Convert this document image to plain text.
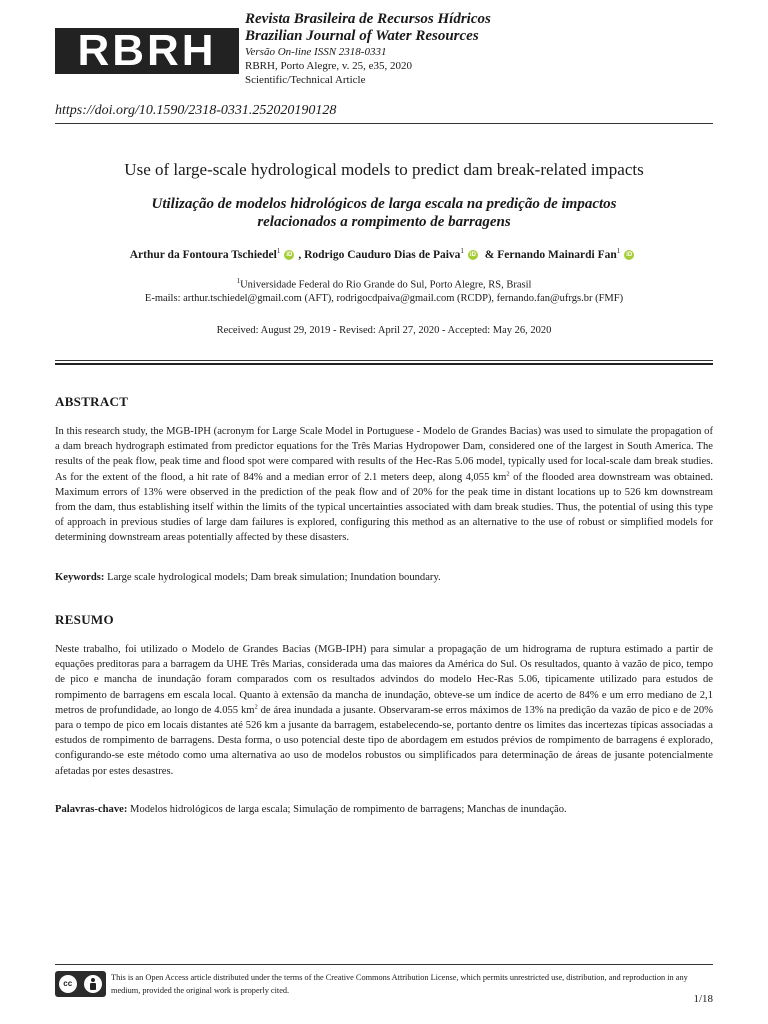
RBRH
Revista Brasileira de Recursos Hídricos
Brazilian Journal of Water Resources
Versão On-line ISSN 2318-0331
RBRH, Porto Alegre, v. 25, e35, 2020
Scientific/Technical Article
https://doi.org/10.1590/2318-0331.252020190128
Use of large-scale hydrological models to predict dam break-related impacts
Utilização de modelos hidrológicos de larga escala na predição de impactos
relacionados a rompimento de barragens
Arthur da Fontoura Tschiedel$^1$iD , Rodrigo Cauduro Dias de Paiva$^1$iD & Fernando Mainardi Fan$^1$iD
$^1$Universidade Federal do Rio Grande do Sul, Porto Alegre, RS, Brasil
E-mails: arthur.tschiedel@gmail.com (AFT), rodrigocdpaiva@gmail.com (RCDP), fernando.fan@ufrgs.br (FMF)
Received: August 29, 2019 - Revised: April 27, 2020 - Accepted: May 26, 2020
ABSTRACT
In this research study, the MGB-IPH (acronym for Large Scale Model in Portuguese - Modelo de Grandes Bacias) was used to simulate the propagation of a dam breach hydrograph estimated from predictor equations for the Três Marias Hydropower Dam, considered one of the largest in South America. The results of the peak flow, peak time and flood spot were compared with results of the Hec-Ras 5.06 model, typically used for local-scale dam break studies. As for the extent of the flood, a hit rate of 84% and a median error of 2.1 meters deep, along 4,055 $km^2$ of the flooded area downstream was obtained. Maximum errors of 13% were observed in the prediction of the peak flow and of 20% for the peak time in distant locations up to 526 km downstream from the dam, thus establishing itself within the limits of the typical uncertainties associated with dam break studies. Thus, the potential of using this type of approach in previous studies of large dam failures is explored, configuring this method as an alternative to the use of robust or simplified models for determining downstream areas potentially affected by these disasters.
Keywords: Large scale hydrological models; Dam break simulation; Inundation boundary.
RESUMO
Neste trabalho, foi utilizado o Modelo de Grandes Bacias (MGB-IPH) para simular a propagação de um hidrograma de ruptura estimado a partir de equações preditoras para a barragem da UHE Três Marias, considerada uma das maiores da América do Sul. Os resultados, quanto à vazão de pico, tempo de pico e mancha de inundação foram comparados com os resultados advindos do modelo Hec-Ras 5.06, tipicamente utilizado para estudos de rompimento de barragens em escala local. Quanto à extensão da mancha de inundação, obteve-se um índice de acerto de 84% e um erro mediano de 2,1 metros de profundidade, ao longo de 4.055 $km^2$ de área inundada a jusante. Observaram-se erros máximos de 13% na predição da vazão de pico e de 20% para o tempo de pico em locais distantes até 526 km a jusante da barragem, estabelecendo-se, portanto dentre os limites das incertezas típicas associadas a estudos de rompimento de barragens. Desta forma, o uso potencial deste tipo de abordagem em estudos prévios de rompimento de barragens é explorado, configurando-se este método como uma alternativa ao uso de modelos robustos ou simplificados para determinação de áreas de jusante potencialmente afetadas por estes desastres.
Palavras-chave: Modelos hidrológicos de larga escala; Simulação de rompimento de barragens; Manchas de inundação.
cc
This is an Open Access article distributed under the terms of the Creative Commons Attribution License, which permits unrestricted use, distribution, and reproduction in any medium, provided the original work is properly cited.
1/18
